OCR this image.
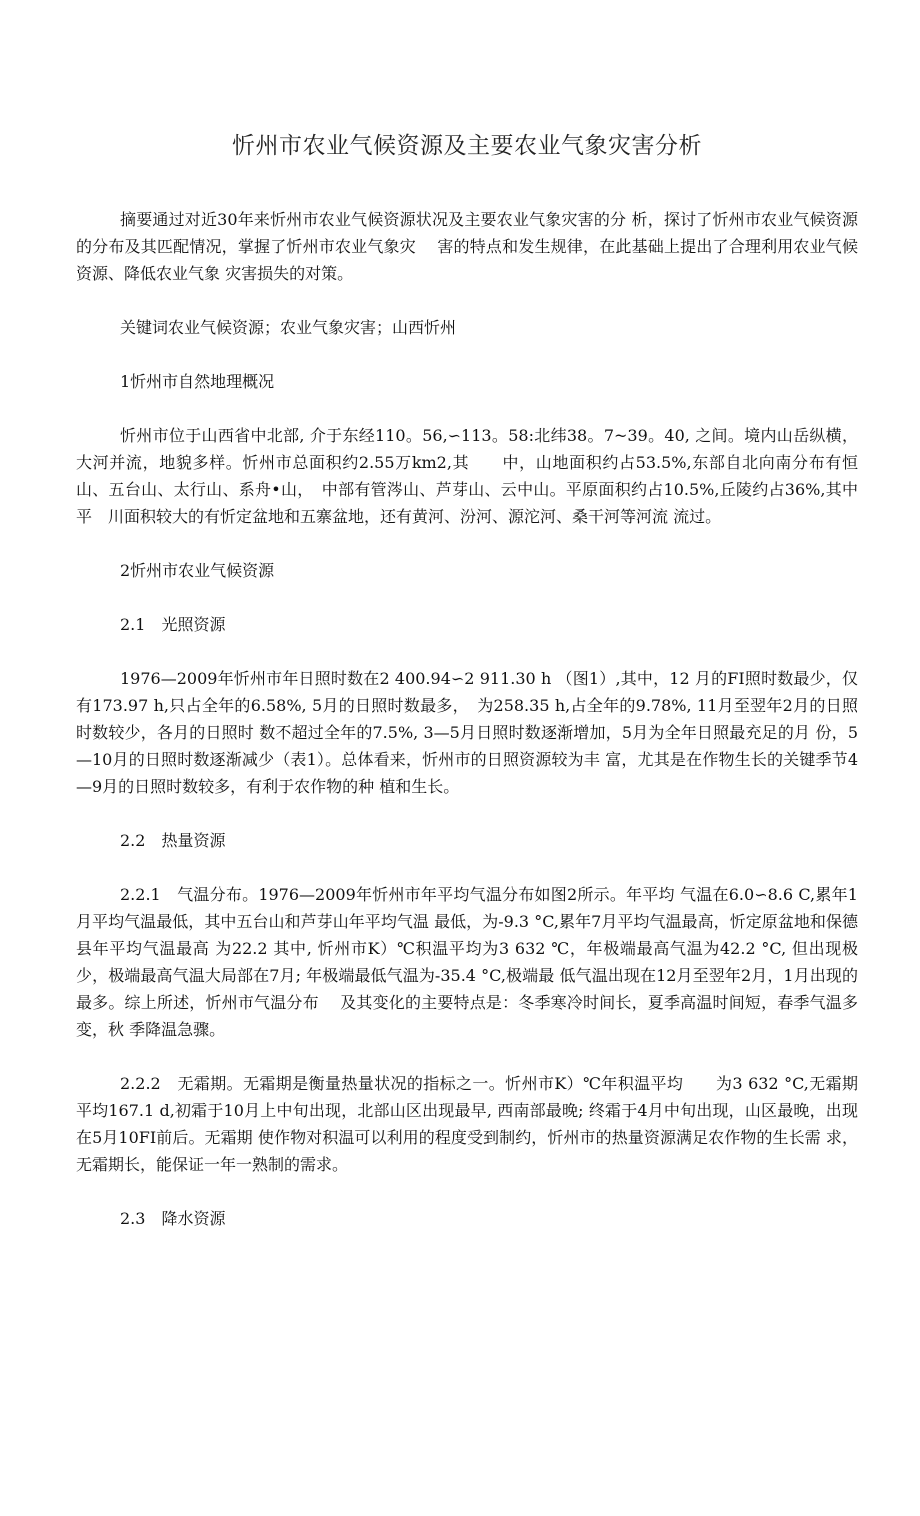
忻州市农业气候资源及主要农业气象灾害分析

摘要通过对近30年来忻州市农业气候资源状况及主要农业气象灾害的分 析，探讨了忻州市农业气候资源的分布及其匹配情况，掌握了忻州市农业气象灾　 害的特点和发生规律，在此基础上提出了合理利用农业气候资源、降低农业气象 灾害损失的对策。

关键词农业气候资源；农业气象灾害；山西忻州

1忻州市自然地理概况

忻州市位于山西省中北部, 介于东经110。56,∽113。58:北纬38。7~39。40, 之间。境内山岳纵横，大河并流，地貌多样。忻州市总面积约2.55万km2,其　　中，山地面积约占53.5%,东部自北向南分布有恒山、五台山、太行山、系舟•山，　中部有管涔山、芦芽山、云中山。平原面积约占10.5%,丘陵约占36%,其中平　川面积较大的有忻定盆地和五寨盆地，还有黄河、汾河、源沱河、桑干河等河流 流过。

2忻州市农业气候资源

2.1　光照资源

1976—2009年忻州市年日照时数在2 400.94∽2 911.30 h （图1）,其中，12 月的FI照时数最少，仅有173.97 h,只占全年的6.58%, 5月的日照时数最多，　为258.35 h,占全年的9.78%, 11月至翌年2月的日照时数较少，各月的日照时 数不超过全年的7.5%, 3—5月日照时数逐渐增加，5月为全年日照最充足的月 份，5—10月的日照时数逐渐减少（表1）。总体看来，忻州市的日照资源较为丰 富，尤其是在作物生长的关键季节4—9月的日照时数较多，有利于农作物的种 植和生长。

2.2　热量资源

2.2.1　气温分布。1976—2009年忻州市年平均气温分布如图2所示。年平均 气温在6.0∽8.6 C,累年1月平均气温最低，其中五台山和芦芽山年平均气温 最低，为-9.3 °C,累年7月平均气温最高，忻定原盆地和保德县年平均气温最高 为22.2 其中, 忻州市K）℃积温平均为3 632 ℃，年极端最高气温为42.2 °C, 但出现极少，极端最高气温大局部在7月; 年极端最低气温为-35.4 °C,极端最 低气温出现在12月至翌年2月，1月出现的最多。综上所述，忻州市气温分布　 及其变化的主要特点是：冬季寒冷时间长，夏季高温时间短，春季气温多变，秋 季降温急骤。

2.2.2　无霜期。无霜期是衡量热量状况的指标之一。忻州市K）℃年积温平均　　为3 632 °C,无霜期平均167.1 d,初霜于10月上中旬出现，北部山区出现最早, 西南部最晚; 终霜于4月中旬出现，山区最晚，出现在5月10FI前后。无霜期 使作物对积温可以利用的程度受到制约，忻州市的热量资源满足农作物的生长需 求，无霜期长，能保证一年一熟制的需求。

2.3　降水资源
